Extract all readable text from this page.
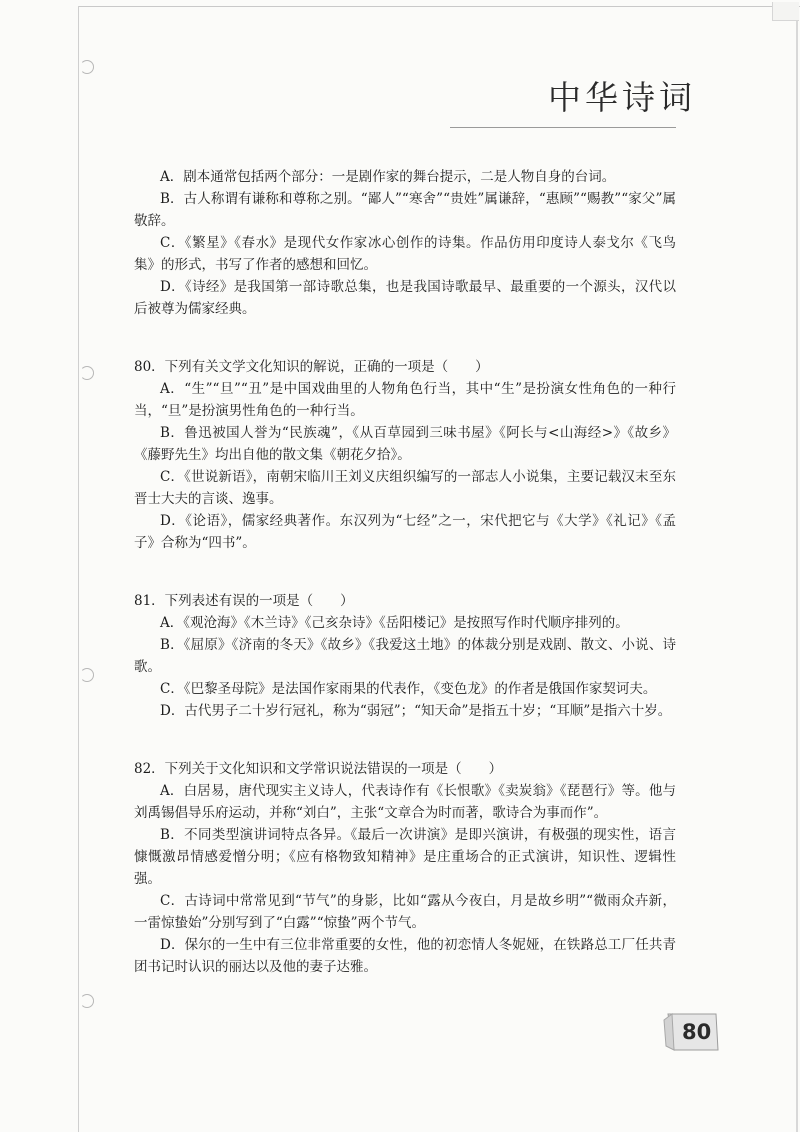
中华诗词

A．剧本通常包括两个部分：一是剧作家的舞台提示，二是人物自身的台词。

B．古人称谓有谦称和尊称之别。“鄙人”“寒舍”“贵姓”属谦辞，“惠顾”“赐教”“家父”属敬辞。

C．《繁星》《春水》是现代女作家冰心创作的诗集。作品仿用印度诗人泰戈尔《飞鸟集》的形式，书写了作者的感想和回忆。

D．《诗经》是我国第一部诗歌总集，也是我国诗歌最早、最重要的一个源头，汉代以后被尊为儒家经典。

80．下列有关文学文化知识的解说，正确的一项是（　　）

A．“生”“旦”“丑”是中国戏曲里的人物角色行当，其中“生”是扮演女性角色的一种行当，“旦”是扮演男性角色的一种行当。

B．鲁迅被国人誉为“民族魂”，《从百草园到三味书屋》《阿长与<山海经>》《故乡》《藤野先生》均出自他的散文集《朝花夕拾》。

C．《世说新语》，南朝宋临川王刘义庆组织编写的一部志人小说集，主要记载汉末至东晋士大夫的言谈、逸事。

D．《论语》，儒家经典著作。东汉列为“七经”之一，宋代把它与《大学》《礼记》《孟子》合称为“四书”。

81．下列表述有误的一项是（　　）

A．《观沧海》《木兰诗》《己亥杂诗》《岳阳楼记》是按照写作时代顺序排列的。

B．《屈原》《济南的冬天》《故乡》《我爱这土地》的体裁分别是戏剧、散文、小说、诗歌。

C．《巴黎圣母院》是法国作家雨果的代表作，《变色龙》的作者是俄国作家契诃夫。

D．古代男子二十岁行冠礼，称为“弱冠”；“知天命”是指五十岁；“耳顺”是指六十岁。

82．下列关于文化知识和文学常识说法错误的一项是（　　）

A．白居易，唐代现实主义诗人，代表诗作有《长恨歌》《卖炭翁》《琵琶行》等。他与刘禹锡倡导乐府运动，并称“刘白”，主张“文章合为时而著，歌诗合为事而作”。

B．不同类型演讲词特点各异。《最后一次讲演》是即兴演讲，有极强的现实性，语言慷慨激昂情感爱憎分明；《应有格物致知精神》是庄重场合的正式演讲，知识性、逻辑性强。

C．古诗词中常常见到“节气”的身影，比如“露从今夜白，月是故乡明”“微雨众卉新，一雷惊蛰始”分别写到了“白露”“惊蛰”两个节气。

D．保尔的一生中有三位非常重要的女性，他的初恋情人冬妮娅，在铁路总工厂任共青团书记时认识的丽达以及他的妻子达雅。

80
